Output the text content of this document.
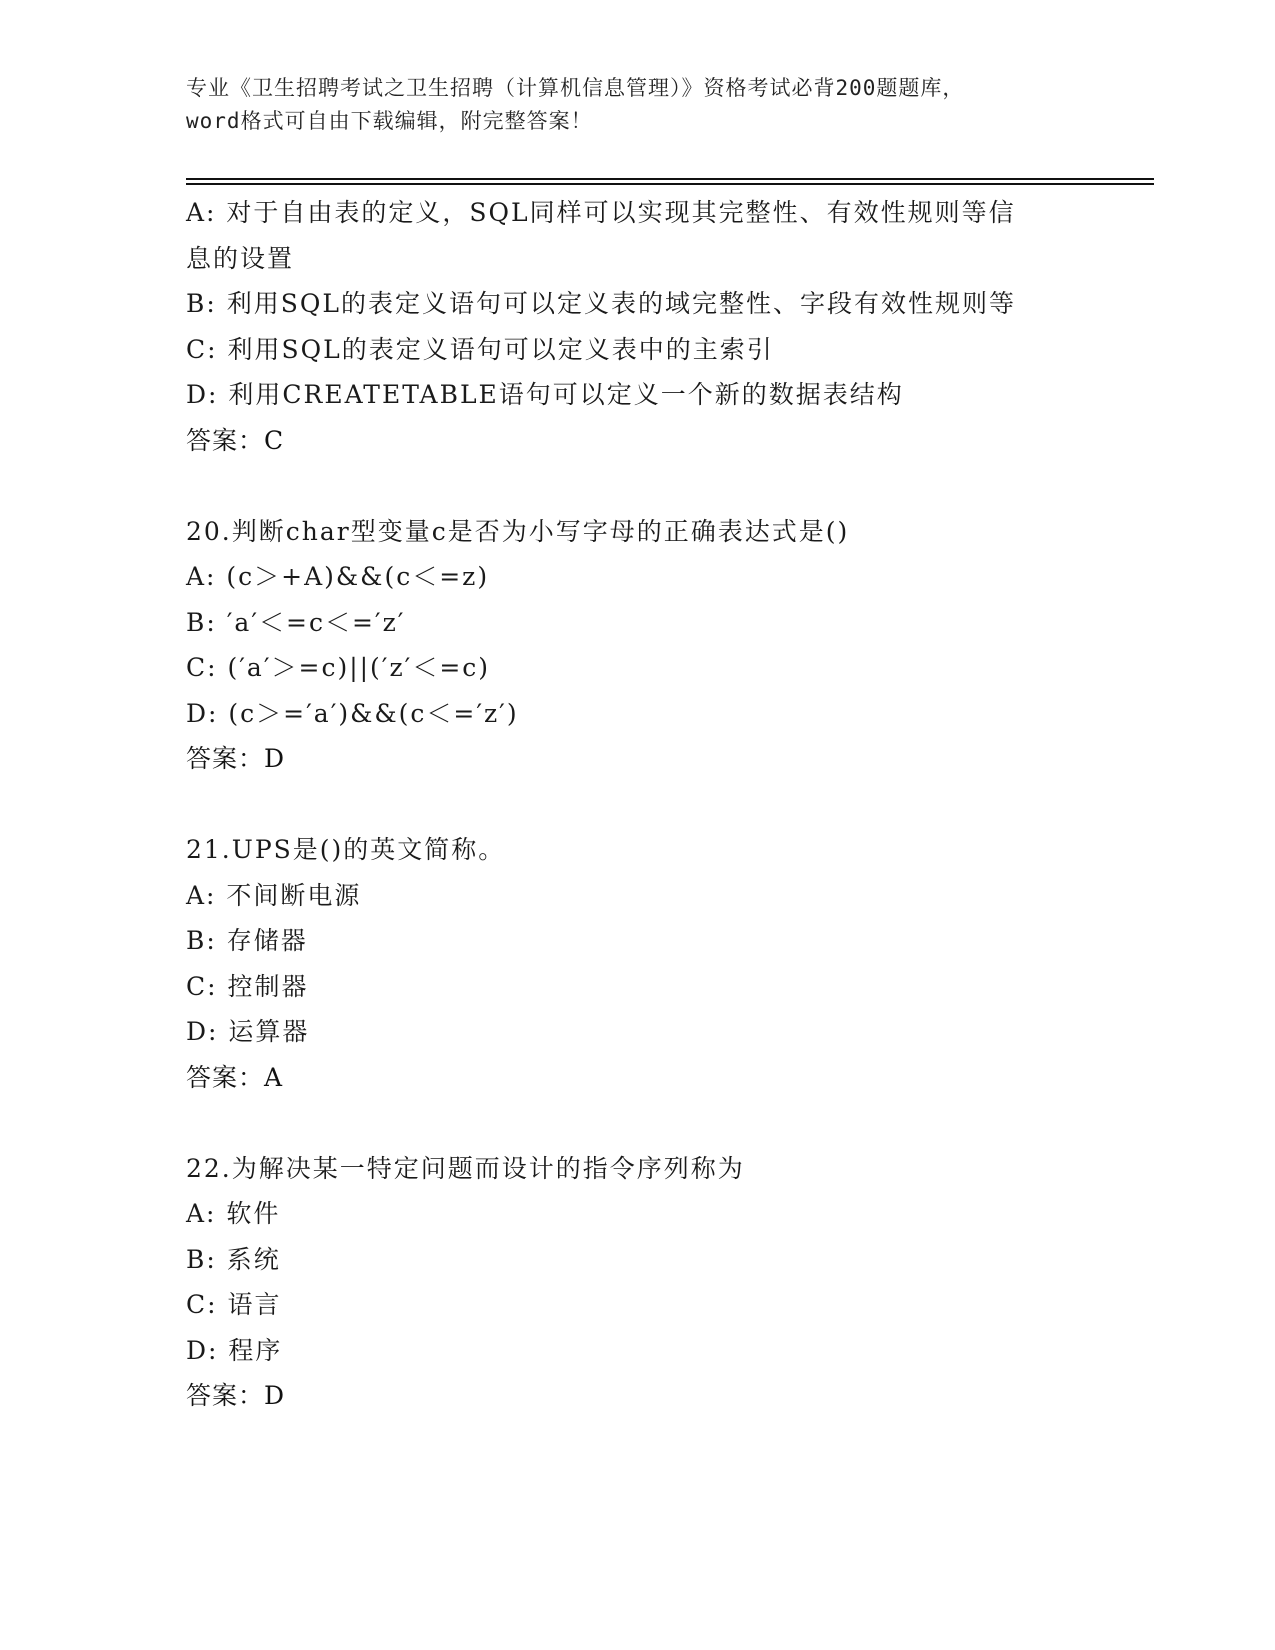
专业《卫生招聘考试之卫生招聘（计算机信息管理）》资格考试必背200题题库，
word格式可自由下载编辑，附完整答案！
A: 对于自由表的定义，SQL同样可以实现其完整性、有效性规则等信
息的设置
B: 利用SQL的表定义语句可以定义表的域完整性、字段有效性规则等
C: 利用SQL的表定义语句可以定义表中的主索引
D: 利用CREATETABLE语句可以定义一个新的数据表结构
答案：C
20.判断char型变量c是否为小写字母的正确表达式是()
A: (c＞+A)&&(c＜=z)
B: ′a′＜=c＜=′z′
C: (′a′＞=c)||(′z′＜=c)
D: (c＞=′a′)&&(c＜=′z′)
答案：D
21.UPS是()的英文简称。
A: 不间断电源
B: 存储器
C: 控制器
D: 运算器
答案：A
22.为解决某一特定问题而设计的指令序列称为
A: 软件
B: 系统
C: 语言
D: 程序
答案：D
